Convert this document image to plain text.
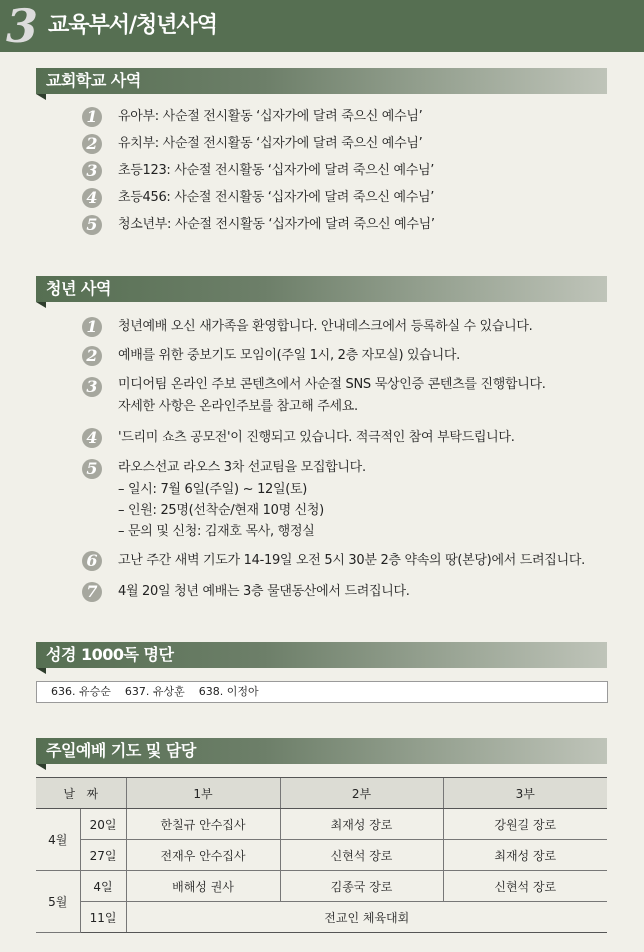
3 교육부서/청년사역
교회학교 사역
1	유아부: 사순절 전시활동 ‘십자가에 달려 죽으신 예수님’
2	유치부: 사순절 전시활동 ‘십자가에 달려 죽으신 예수님’
3	초등123: 사순절 전시활동 ‘십자가에 달려 죽으신 예수님’
4	초등456: 사순절 전시활동 ‘십자가에 달려 죽으신 예수님’
5	청소년부: 사순절 전시활동 ‘십자가에 달려 죽으신 예수님’
청년 사역
1	청년예배 오신 새가족을 환영합니다. 안내데스크에서 등록하실 수 있습니다.
2	예배를 위한 중보기도 모임이(주일 1시, 2층 자모실) 있습니다.
3	미디어팀 온라인 주보 콘텐츠에서 사순절 SNS 묵상인증 콘텐츠를 진행합니다.
자세한 사항은 온라인주보를 참고해 주세요.
4	'드리미 쇼츠 공모전'이 진행되고 있습니다. 적극적인 참여 부탁드립니다.
5	라오스선교 라오스 3차 선교팀을 모집합니다.
– 일시: 7월 6일(주일) ~ 12일(토)
– 인원: 25명(선착순/현재 10명 신청)
– 문의 및 신청: 김재호 목사, 행정실
6	고난 주간 새벽 기도가 14-19일 오전 5시 30분 2층 약속의 땅(본당)에서 드려집니다.
7	4월 20일 청년 예배는 3층 물댄동산에서 드려집니다.
성경 1000독 명단
636. 유승순    637. 유상훈    638. 이정아
주일예배 기도 및 담당
날   짜		1부	2부	3부
4월	20일	한칠규 안수집사	최재성 장로	강원길 장로
	27일	전재우 안수집사	신현석 장로	최재성 장로
5월	4일	배해성 권사	김종국 장로	신현석 장로
	11일	전교인 체육대회		
